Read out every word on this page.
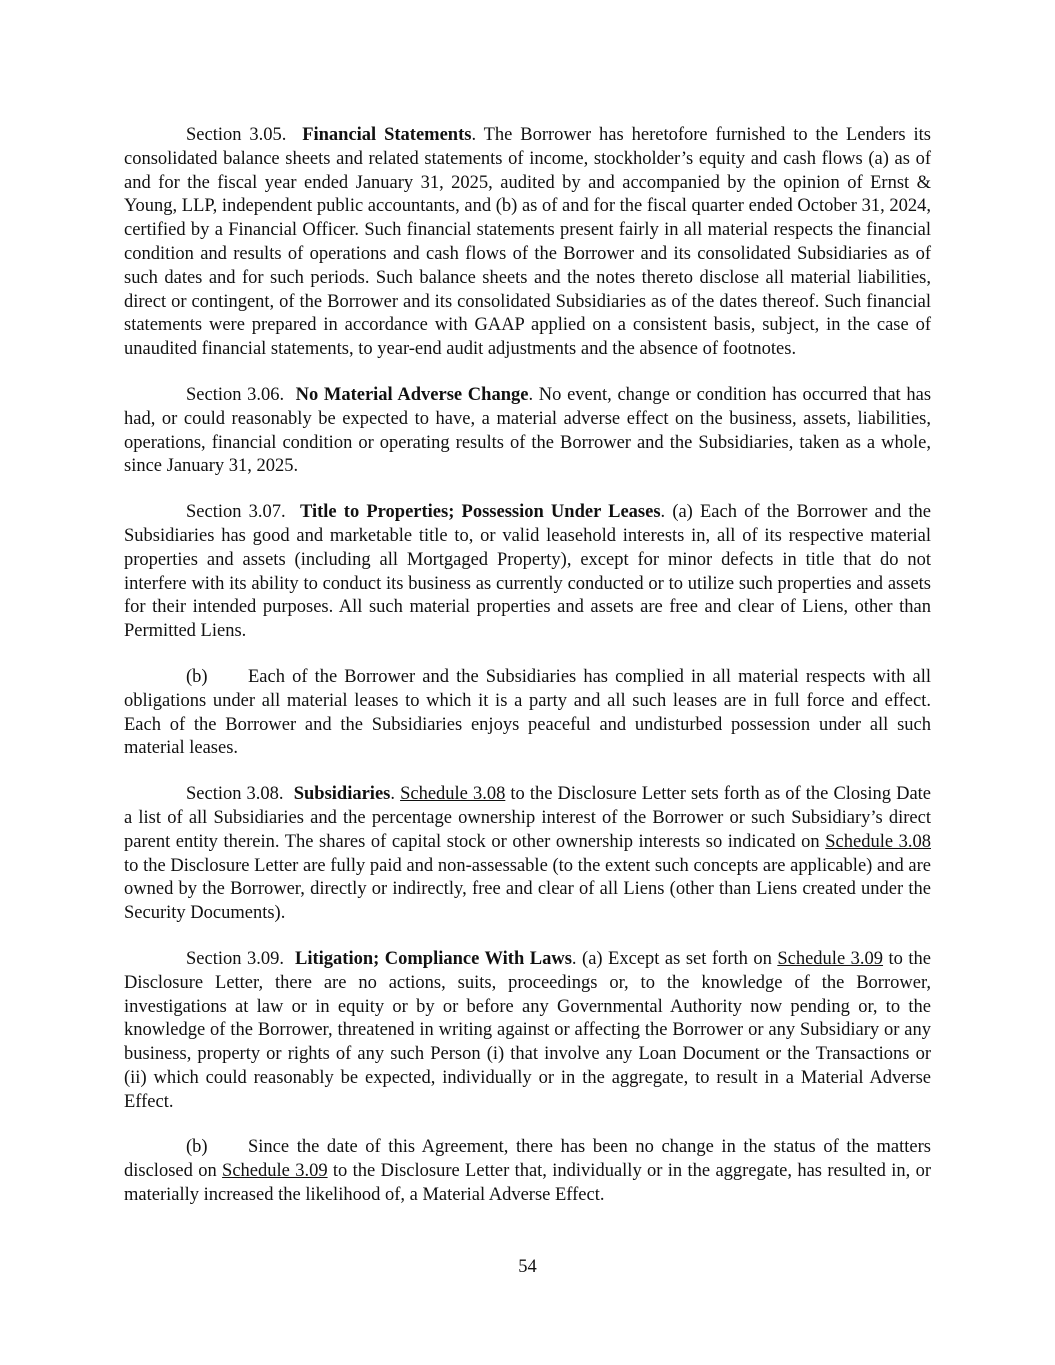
Section 3.05. Financial Statements. The Borrower has heretofore furnished to the Lenders its consolidated balance sheets and related statements of income, stockholder’s equity and cash flows (a) as of and for the fiscal year ended January 31, 2025, audited by and accompanied by the opinion of Ernst & Young, LLP, independent public accountants, and (b) as of and for the fiscal quarter ended October 31, 2024, certified by a Financial Officer. Such financial statements present fairly in all material respects the financial condition and results of operations and cash flows of the Borrower and its consolidated Subsidiaries as of such dates and for such periods. Such balance sheets and the notes thereto disclose all material liabilities, direct or contingent, of the Borrower and its consolidated Subsidiaries as of the dates thereof. Such financial statements were prepared in accordance with GAAP applied on a consistent basis, subject, in the case of unaudited financial statements, to year-end audit adjustments and the absence of footnotes.

Section 3.06. No Material Adverse Change. No event, change or condition has occurred that has had, or could reasonably be expected to have, a material adverse effect on the business, assets, liabilities, operations, financial condition or operating results of the Borrower and the Subsidiaries, taken as a whole, since January 31, 2025.

Section 3.07. Title to Properties; Possession Under Leases. (a) Each of the Borrower and the Subsidiaries has good and marketable title to, or valid leasehold interests in, all of its respective material properties and assets (including all Mortgaged Property), except for minor defects in title that do not interfere with its ability to conduct its business as currently conducted or to utilize such properties and assets for their intended purposes. All such material properties and assets are free and clear of Liens, other than Permitted Liens.

(b) Each of the Borrower and the Subsidiaries has complied in all material respects with all obligations under all material leases to which it is a party and all such leases are in full force and effect. Each of the Borrower and the Subsidiaries enjoys peaceful and undisturbed possession under all such material leases.

Section 3.08. Subsidiaries. Schedule 3.08 to the Disclosure Letter sets forth as of the Closing Date a list of all Subsidiaries and the percentage ownership interest of the Borrower or such Subsidiary’s direct parent entity therein. The shares of capital stock or other ownership interests so indicated on Schedule 3.08 to the Disclosure Letter are fully paid and non-assessable (to the extent such concepts are applicable) and are owned by the Borrower, directly or indirectly, free and clear of all Liens (other than Liens created under the Security Documents).

Section 3.09. Litigation; Compliance With Laws. (a) Except as set forth on Schedule 3.09 to the Disclosure Letter, there are no actions, suits, proceedings or, to the knowledge of the Borrower, investigations at law or in equity or by or before any Governmental Authority now pending or, to the knowledge of the Borrower, threatened in writing against or affecting the Borrower or any Subsidiary or any business, property or rights of any such Person (i) that involve any Loan Document or the Transactions or (ii) which could reasonably be expected, individually or in the aggregate, to result in a Material Adverse Effect.

(b) Since the date of this Agreement, there has been no change in the status of the matters disclosed on Schedule 3.09 to the Disclosure Letter that, individually or in the aggregate, has resulted in, or materially increased the likelihood of, a Material Adverse Effect.

54
